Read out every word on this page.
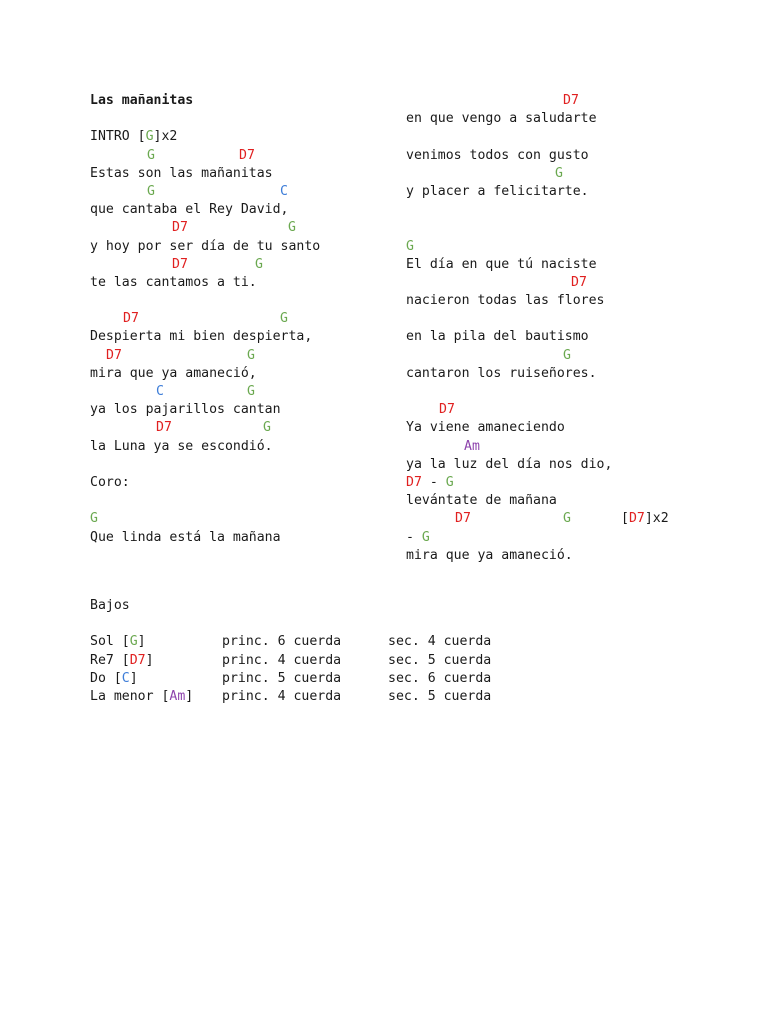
Las mañanitas
INTRO [G]x2
G	D7
Estas son las mañanitas
G	C
que cantaba el Rey David,
D7	G
y hoy por ser día de tu santo
D7	G
te las cantamos a ti.
D7	G
Despierta mi bien despierta,
D7	G
mira que ya amaneció,
C	G
ya los pajarillos cantan
D7	G
la Luna ya se escondió.
Coro:
G
Que linda está la mañana
D7
en que vengo a saludarte
venimos todos con gusto
G
y placer a felicitarte.
G
El día en que tú naciste
D7
nacieron todas las flores
en la pila del bautismo
G
cantaron los ruiseñores.
D7
Ya viene amaneciendo
Am
ya la luz del día nos dio,
D7 - G
levántate de mañana
D7	G	[D7]x2
- G
mira que ya amaneció.
Bajos
Sol [G]	princ. 6 cuerda	sec. 4 cuerda
Re7 [D7]	princ. 4 cuerda	sec. 5 cuerda
Do [C]	princ. 5 cuerda	sec. 6 cuerda
La menor [Am] princ. 4 cuerda	sec. 5 cuerda
